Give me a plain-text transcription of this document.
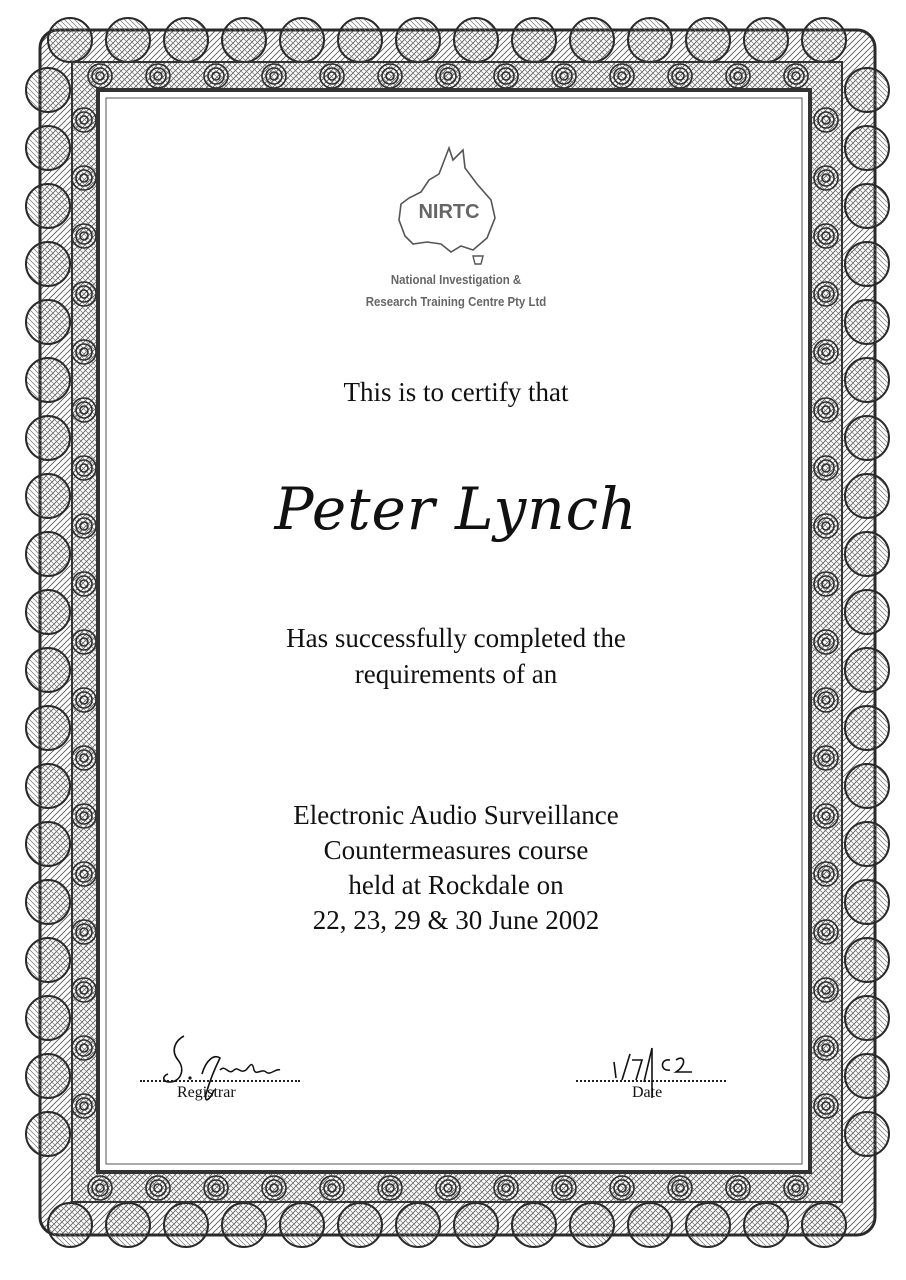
NIRTC
National Investigation &
Research Training Centre Pty Ltd
This is to certify that
Peter Lynch
Has successfully completed the
requirements of an
Electronic Audio Surveillance
Countermeasures course
held at Rockdale on
22, 23, 29 & 30 June 2002
Registrar	Date
